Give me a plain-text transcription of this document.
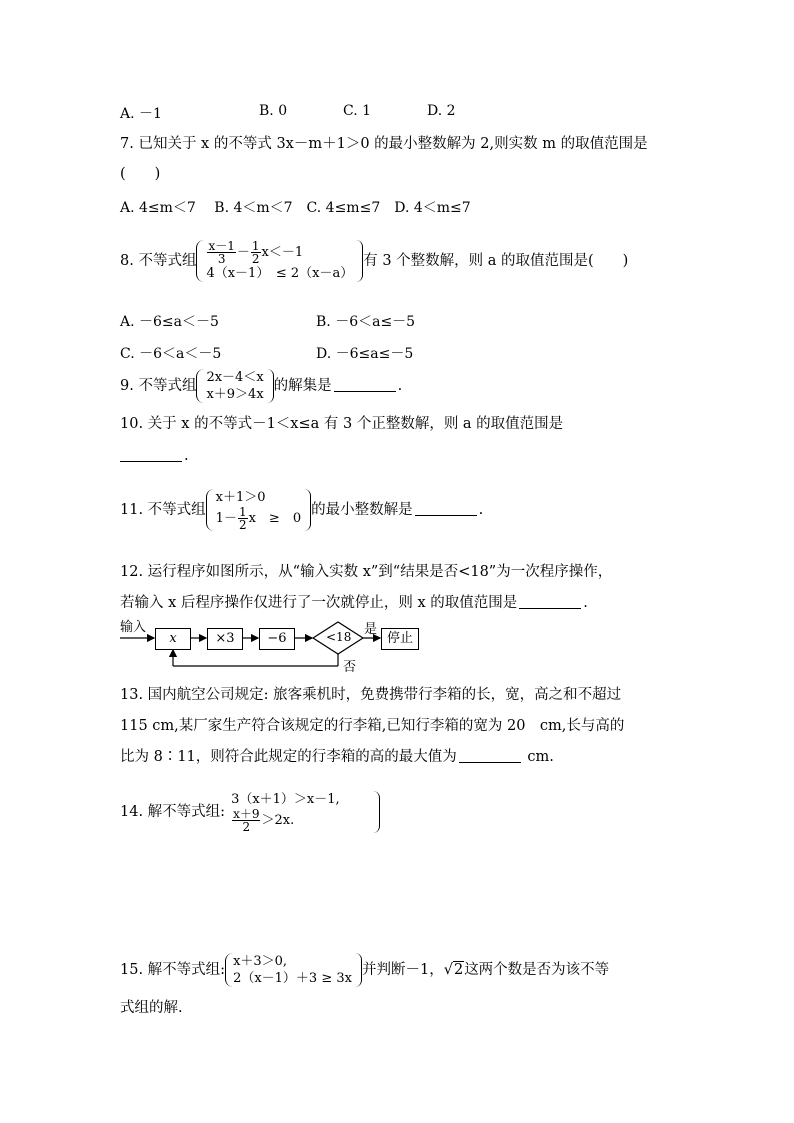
A. －1	B. 0	C. 1	D. 2
7. 已知关于 x 的不等式 3x－m＋1＞0 的最小整数解为 2,则实数 m 的取值范围是
(　　)
A. 4≤m＜7　 B. 4＜m＜7　C. 4≤m≤7　D. 4＜m≤7
8. 不等式组 $\frac{x-1}{3} - \frac{1}{2} x<-1$
4（x－1）　≤ 2（x－a）
有 3 个整数解，则 a 的取值范围是(　　)
A. －6≤a＜－5	B. －6＜a≤－5
C. －6＜a＜－5	D. －6≤a≤－5
9. 不等式组
2x－4＜x
x＋9＞4x
的解集是	.
10. 关于 x 的不等式－1＜x≤a 有 3 个正整数解，则 a 的取值范围是
.
11. 不等式组
x＋1＞0
$1- \frac{1}{2}$ x　≥　0
的最小整数解是	.
12. 运行程序如图所示，从“输入实数 x”到“结果是否<18”为一次程序操作，
若输入 x 后程序操作仅进行了一次就停止，则 x 的取值范围是	.
输入
x	×3	−6	<18 是
停止
否
13. 国内航空公司规定: 旅客乘机时，免费携带行李箱的长，宽，高之和不超过
115 cm,某厂家生产符合该规定的行李箱,已知行李箱的宽为 20　cm,长与高的
比为 8∶11，则符合此规定的行李箱的高的最大值为	cm.
14. 解不等式组:
3（x＋1）＞x－1,
$\frac{x+9}{2} >2x$.
15. 解不等式组:
x＋3＞0,
2（x－1）＋3 ≥ 3x
并判断－1，√2这两个数是否为该不等
式组的解.
